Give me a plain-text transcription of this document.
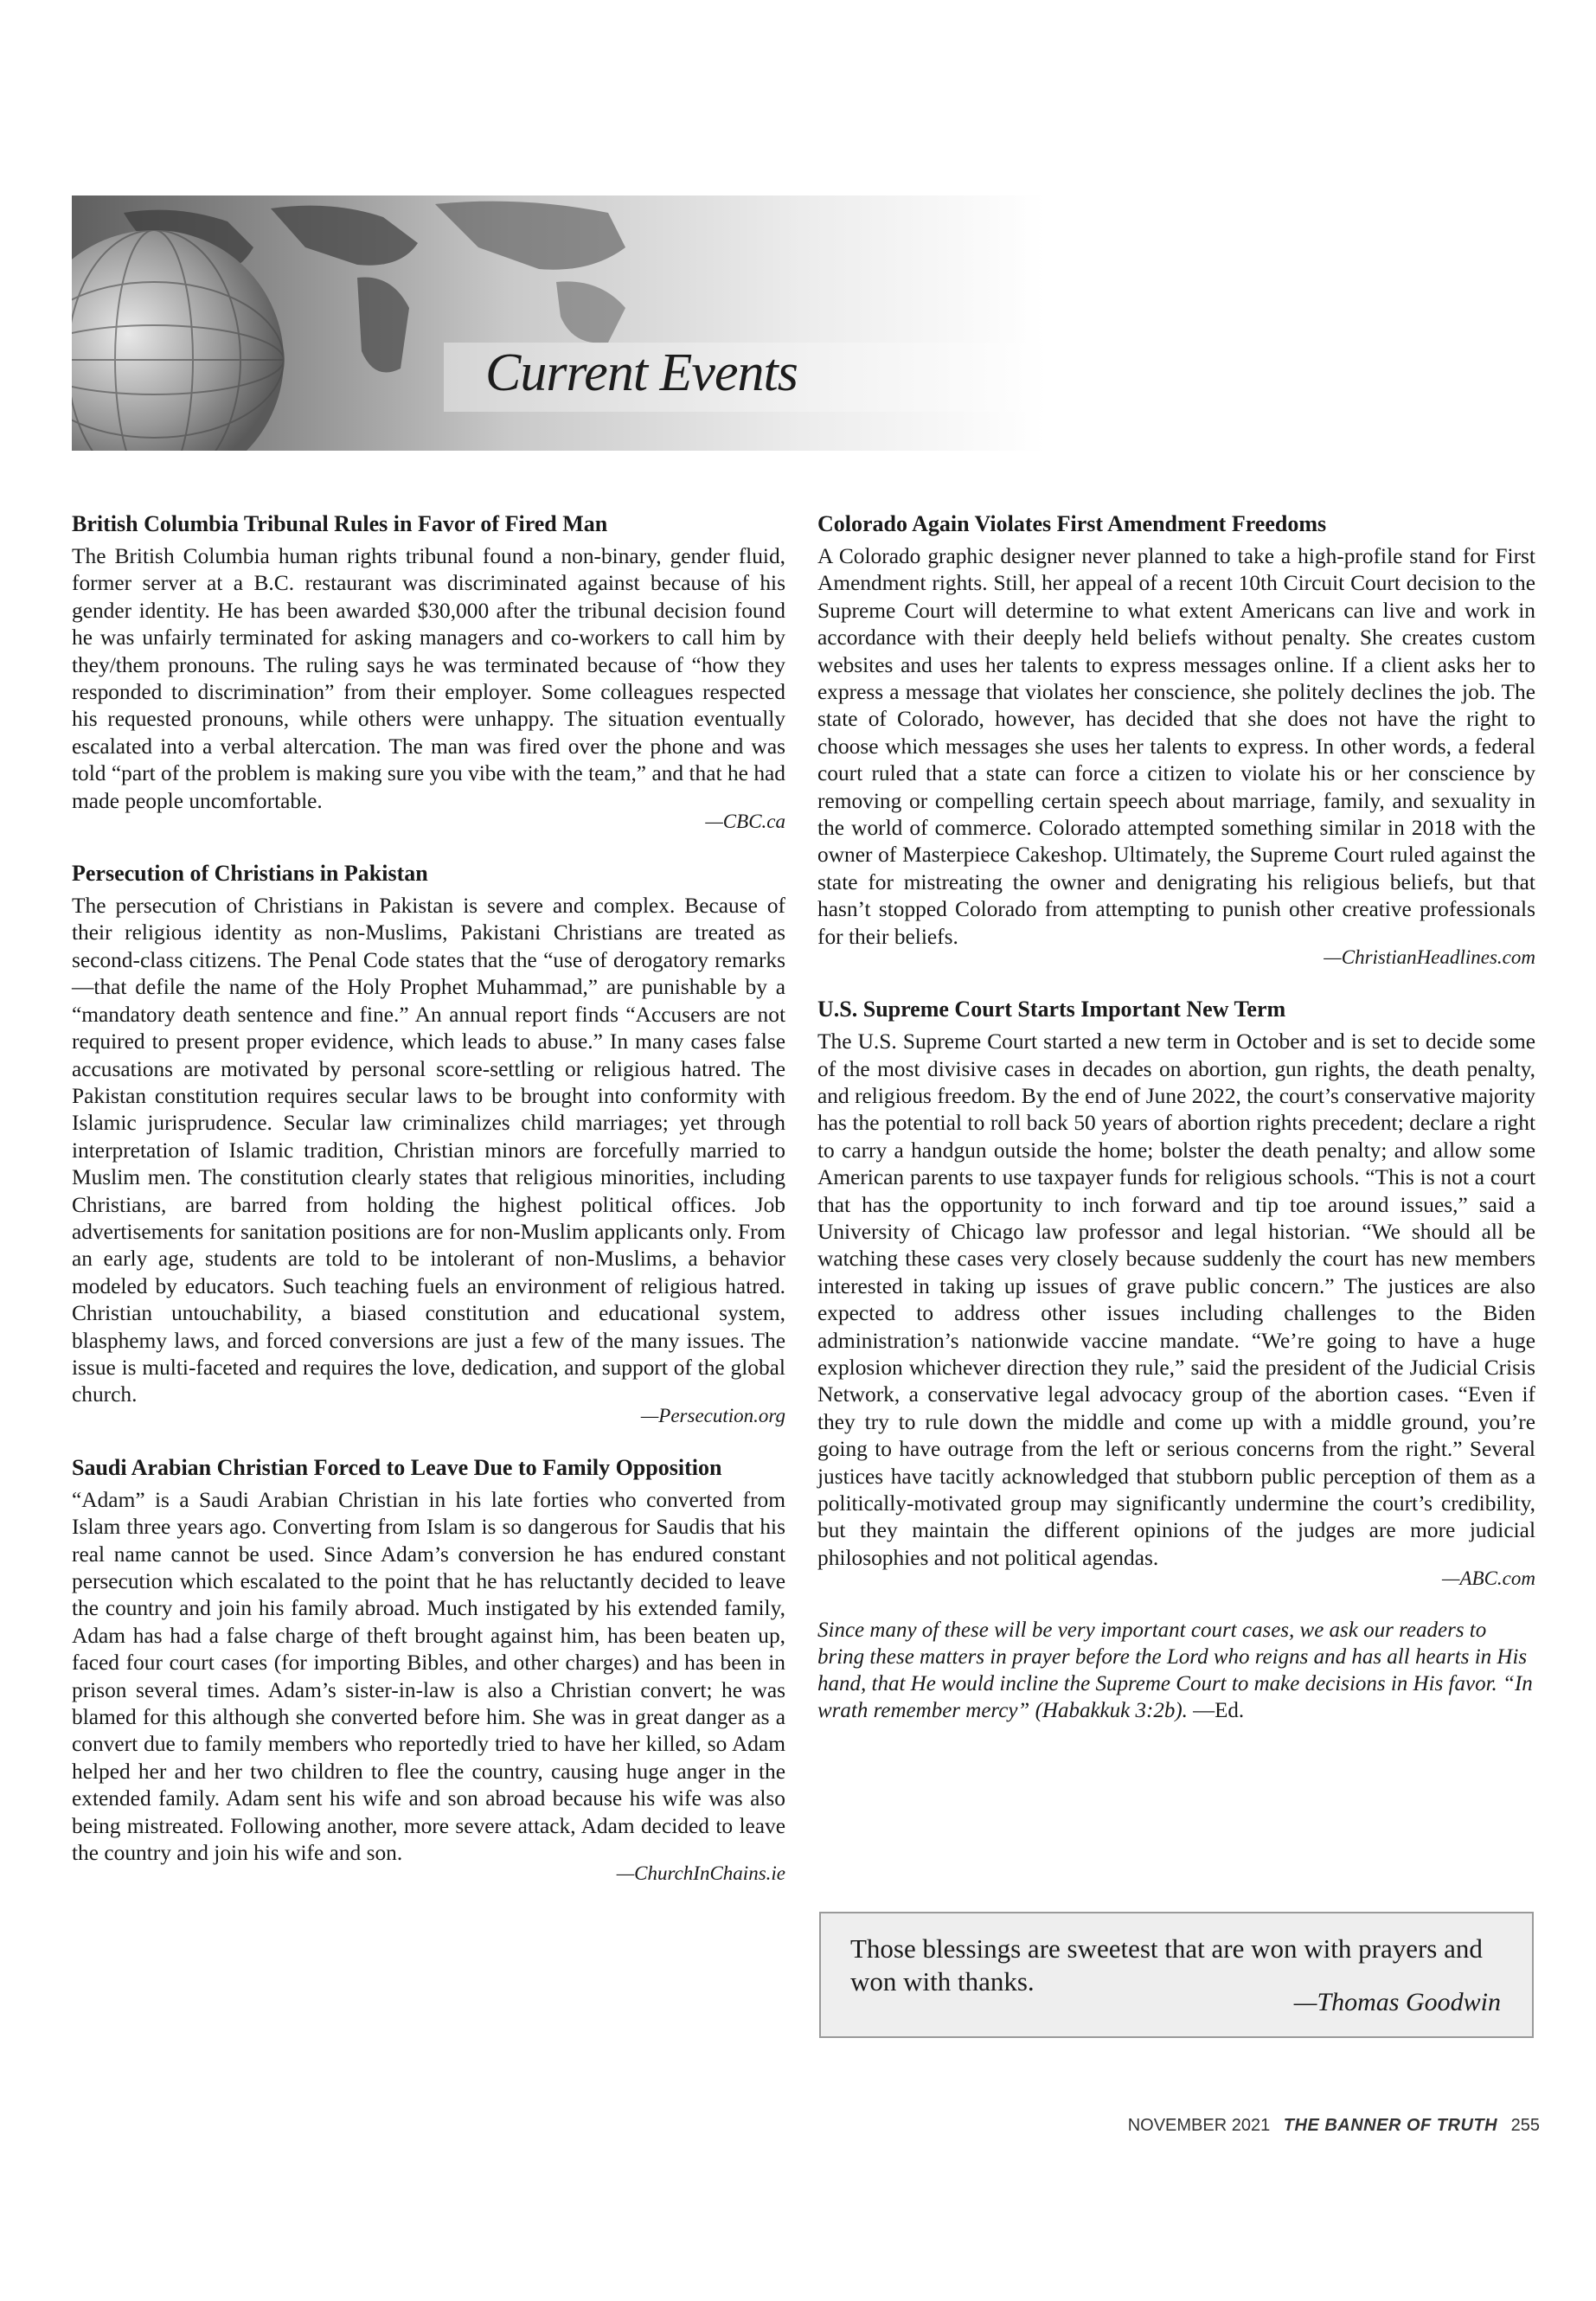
Current Events

British Columbia Tribunal Rules in Favor of Fired Man

The British Columbia human rights tribunal found a non-binary, gender fluid, former server at a B.C. restaurant was discriminated against because of his gender identity. He has been awarded $30,000 after the tribunal decision found he was unfairly terminated for asking managers and co-workers to call him by they/them pronouns. The ruling says he was terminated because of “how they responded to discrimination” from their employer. Some colleagues respected his requested pronouns, while others were unhappy. The situation eventually escalated into a verbal altercation. The man was fired over the phone and was told “part of the problem is making sure you vibe with the team,” and that he had made people uncomfortable.

—CBC.ca

Persecution of Christians in Pakistan

The persecution of Christians in Pakistan is severe and complex. Because of their religious identity as non-Muslims, Pakistani Christians are treated as second-class citizens. The Penal Code states that the “use of derogatory remarks—that defile the name of the Holy Prophet Muhammad,” are punishable by a “mandatory death sentence and fine.” An annual report finds “Accusers are not required to present proper evidence, which leads to abuse.” In many cases false accusations are motivated by personal score-settling or religious hatred. The Pakistan constitution requires secular laws to be brought into conformity with Islamic jurisprudence. Secular law criminalizes child marriages; yet through interpretation of Islamic tradition, Christian minors are forcefully married to Muslim men. The constitution clearly states that religious minorities, including Christians, are barred from holding the highest political offices. Job advertisements for sanitation positions are for non-Muslim applicants only. From an early age, students are told to be intolerant of non-Muslims, a behavior modeled by educators. Such teaching fuels an environment of religious hatred. Christian untouchability, a biased constitution and educational system, blasphemy laws, and forced conversions are just a few of the many issues. The issue is multi-faceted and requires the love, dedication, and support of the global church.

—Persecution.org

Saudi Arabian Christian Forced to Leave Due to Family Opposition

“Adam” is a Saudi Arabian Christian in his late forties who converted from Islam three years ago. Converting from Islam is so dangerous for Saudis that his real name cannot be used. Since Adam’s conversion he has endured constant persecution which escalated to the point that he has reluctantly decided to leave the country and join his family abroad. Much instigated by his extended family, Adam has had a false charge of theft brought against him, has been beaten up, faced four court cases (for importing Bibles, and other charges) and has been in prison several times. Adam’s sister-in-law is also a Christian convert; he was blamed for this although she converted before him. She was in great danger as a convert due to family members who reportedly tried to have her killed, so Adam helped her and her two children to flee the country, causing huge anger in the extended family. Adam sent his wife and son abroad because his wife was also being mistreated. Following another, more severe attack, Adam decided to leave the country and join his wife and son.

—ChurchInChains.ie

Colorado Again Violates First Amendment Freedoms

A Colorado graphic designer never planned to take a high-profile stand for First Amendment rights. Still, her appeal of a recent 10th Circuit Court decision to the Supreme Court will determine to what extent Americans can live and work in accordance with their deeply held beliefs without penalty. She creates custom websites and uses her talents to express messages online. If a client asks her to express a message that violates her conscience, she politely declines the job. The state of Colorado, however, has decided that she does not have the right to choose which messages she uses her talents to express. In other words, a federal court ruled that a state can force a citizen to violate his or her conscience by removing or compelling certain speech about marriage, family, and sexuality in the world of commerce. Colorado attempted something similar in 2018 with the owner of Masterpiece Cakeshop. Ultimately, the Supreme Court ruled against the state for mistreating the owner and denigrating his religious beliefs, but that hasn’t stopped Colorado from attempting to punish other creative professionals for their beliefs.

—ChristianHeadlines.com

U.S. Supreme Court Starts Important New Term

The U.S. Supreme Court started a new term in October and is set to decide some of the most divisive cases in decades on abortion, gun rights, the death penalty, and religious freedom. By the end of June 2022, the court’s conservative majority has the potential to roll back 50 years of abortion rights precedent; declare a right to carry a handgun outside the home; bolster the death penalty; and allow some American parents to use taxpayer funds for religious schools. “This is not a court that has the opportunity to inch forward and tip toe around issues,” said a University of Chicago law professor and legal historian. “We should all be watching these cases very closely because suddenly the court has new members interested in taking up issues of grave public concern.” The justices are also expected to address other issues including challenges to the Biden administration’s nationwide vaccine mandate. “We’re going to have a huge explosion whichever direction they rule,” said the president of the Judicial Crisis Network, a conservative legal advocacy group of the abortion cases. “Even if they try to rule down the middle and come up with a middle ground, you’re going to have outrage from the left or serious concerns from the right.” Several justices have tacitly acknowledged that stubborn public perception of them as a politically-motivated group may significantly undermine the court’s credibility, but they maintain the different opinions of the judges are more judicial philosophies and not political agendas.

—ABC.com

Since many of these will be very important court cases, we ask our readers to bring these matters in prayer before the Lord who reigns and has all hearts in His hand, that He would incline the Supreme Court to make decisions in His favor. “In wrath remember mercy” (Habakkuk 3:2b). —Ed.

Those blessings are sweetest that are won with prayers and won with thanks.
—Thomas Goodwin
NOVEMBER 2021 THE BANNER OF TRUTH 255
